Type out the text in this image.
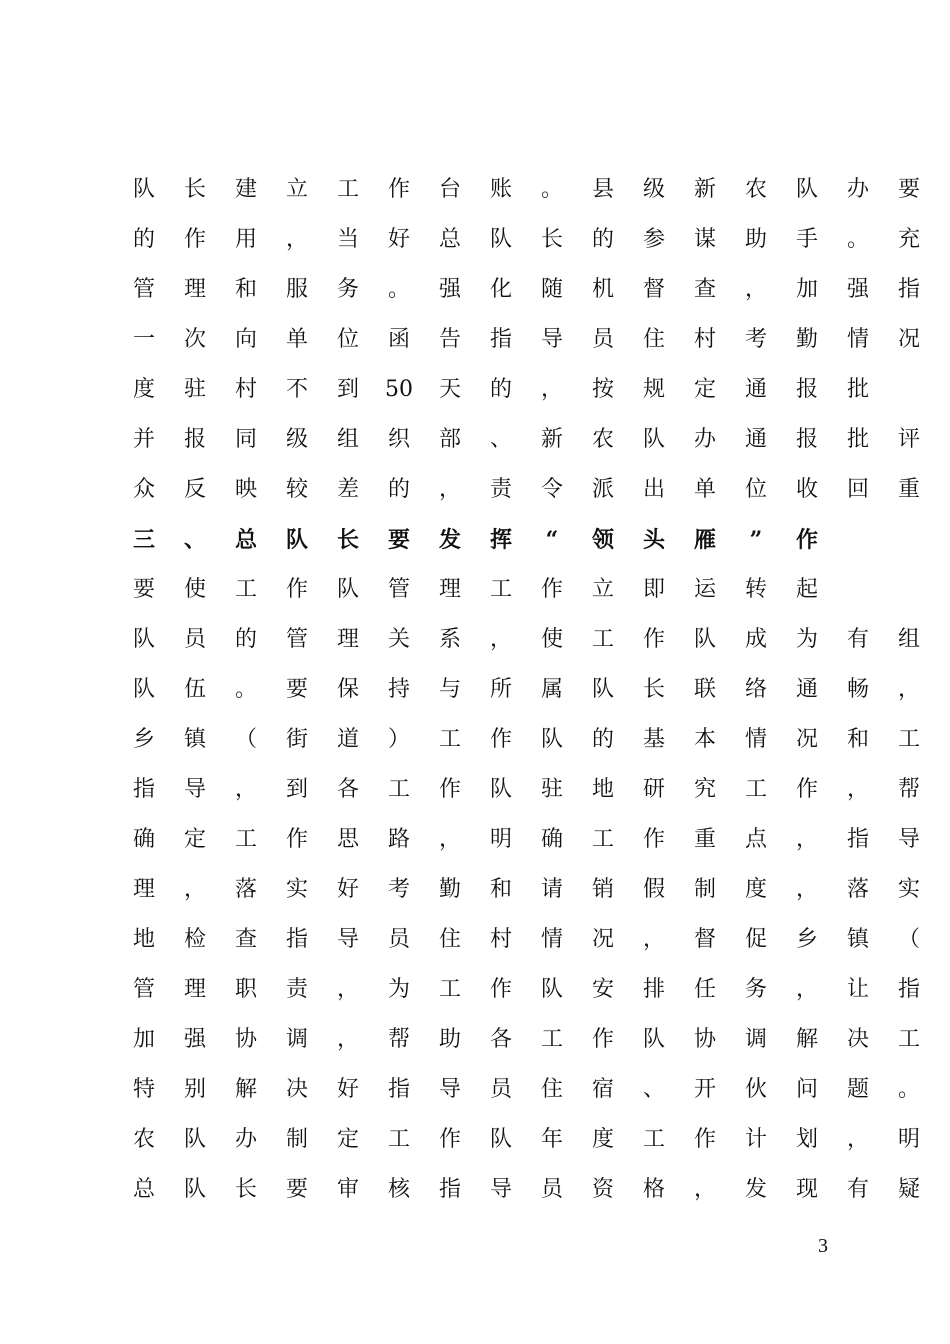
队 长 建 立 工 作 台 账 。 县 级 新 农 队 办 要
的 作 用 ， 当 好 总 队 长 的 参 谋 助 手 。 充
管 理 和 服 务 。 强 化 随 机 督 查 ， 加 强 指
一 次 向 单 位 函 告 指 导 员 住 村 考 勤 情 况
度 驻 村 不 到 50 天 的 ， 按 规 定 通 报 批
并 报 同 级 组 织 部 、 新 农 队 办 通 报 批 评
众 反 映 较 差 的 ， 责 令 派 出 单 位 收 回 重
三 、 总 队 长 要 发 挥	“	领 头 雁	”	作
要 使 工 作 队 管 理 工 作 立 即 运 转 起
队 员 的 管 理 关 系 ， 使 工 作 队 成 为 有 组
队 伍 。 要 保 持 与 所 属 队 长 联 络 通 畅 ，
乡 镇 （ 街 道 ） 工 作 队 的 基 本 情 况 和 工
指 导 ， 到 各 工 作 队 驻 地 研 究 工 作 ， 帮
确 定 工 作 思 路 ， 明 确 工 作 重 点 ， 指 导
理 ， 落 实 好 考 勤 和 请 销 假 制 度 ， 落 实
地 检 查 指 导 员 住 村 情 况 ， 督 促 乡 镇 （
管 理 职 责 ， 为 工 作 队 安 排 任 务 ， 让 指
加 强 协 调 ， 帮 助 各 工 作 队 协 调 解 决 工
特 别 解 决 好 指 导 员 住 宿 、 开 伙 问 题 。
农 队 办 制 定 工 作 队 年 度 工 作 计 划 ， 明
总 队 长 要 审 核 指 导 员 资 格 ， 发 现 有 疑
3
